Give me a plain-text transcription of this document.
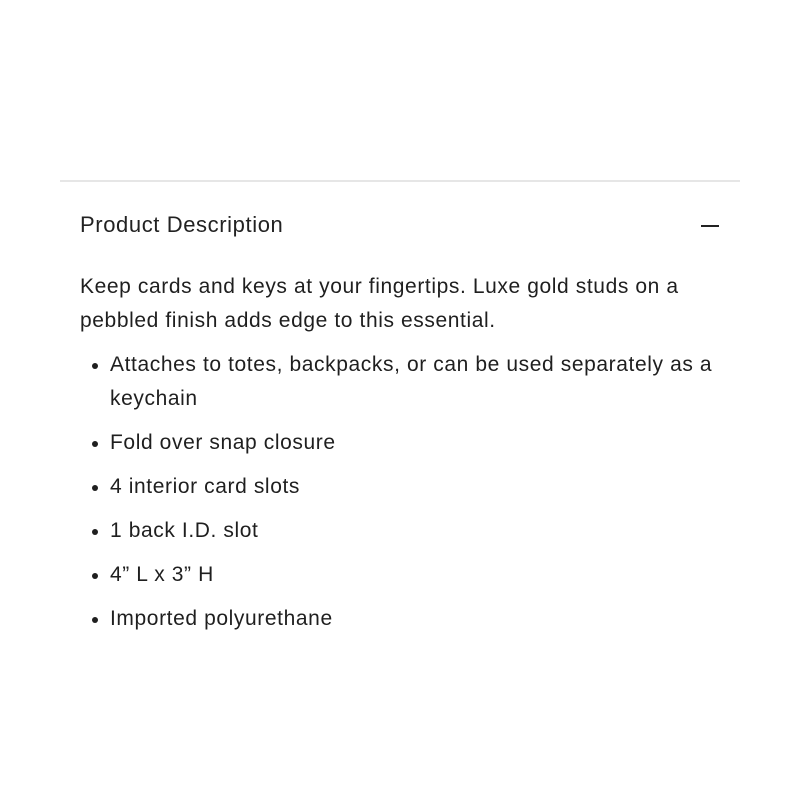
Product Description

Keep cards and keys at your fingertips. Luxe gold studs on a pebbled finish adds edge to this essential.

Attaches to totes, backpacks, or can be used separately as a keychain
Fold over snap closure
4 interior card slots
1 back I.D. slot
4” L x 3” H
Imported polyurethane
